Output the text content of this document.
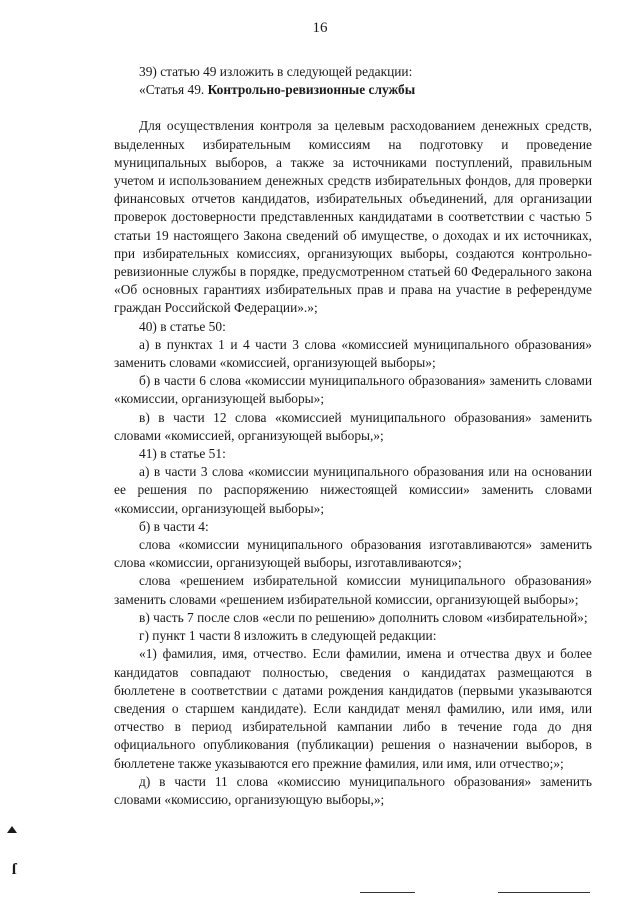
16

39) статью 49 изложить в следующей редакции:

«Статья 49. Контрольно-ревизионные службы

Для осуществления контроля за целевым расходованием денежных средств, выделенных избирательным комиссиям на подготовку и проведение муниципальных выборов, а также за источниками поступлений, правильным учетом и использованием денежных средств избирательных фондов, для проверки финансовых отчетов кандидатов, избирательных объединений, для организации проверок достоверности представленных кандидатами в соответствии с частью 5 статьи 19 настоящего Закона сведений об имуществе, о доходах и их источниках, при избирательных комиссиях, организующих выборы, создаются контрольно-ревизионные службы в порядке, предусмотренном статьей 60 Федерального закона «Об основных гарантиях избирательных прав и права на участие в референдуме граждан Российской Федерации».»;

40) в статье 50:

а) в пунктах 1 и 4 части 3 слова «комиссией муниципального образования» заменить словами «комиссией, организующей выборы»;

б) в части 6 слова «комиссии муниципального образования» заменить словами «комиссии, организующей выборы»;

в) в части 12 слова «комиссией муниципального образования» заменить словами «комиссией, организующей выборы,»;

41) в статье 51:

а) в части 3 слова «комиссии муниципального образования или на основании ее решения по распоряжению нижестоящей комиссии» заменить словами «комиссии, организующей выборы»;

б) в части 4:

слова «комиссии муниципального образования изготавливаются» заменить слова «комиссии, организующей выборы, изготавливаются»;

слова «решением избирательной комиссии муниципального образования» заменить словами «решением избирательной комиссии, организующей выборы»;

в) часть 7 после слов «если по решению» дополнить словом «избирательной»;

г) пункт 1 части 8 изложить в следующей редакции:

«1) фамилия, имя, отчество. Если фамилии, имена и отчества двух и более кандидатов совпадают полностью, сведения о кандидатах размещаются в бюллетене в соответствии с датами рождения кандидатов (первыми указываются сведения о старшем кандидате). Если кандидат менял фамилию, или имя, или отчество в период избирательной кампании либо в течение года до дня официального опубликования (публикации) решения о назначении выборов, в бюллетене также указываются его прежние фамилия, или имя, или отчество;»;

д) в части 11 слова «комиссию муниципального образования» заменить словами «комиссию, организующую выборы,»;

ſ
